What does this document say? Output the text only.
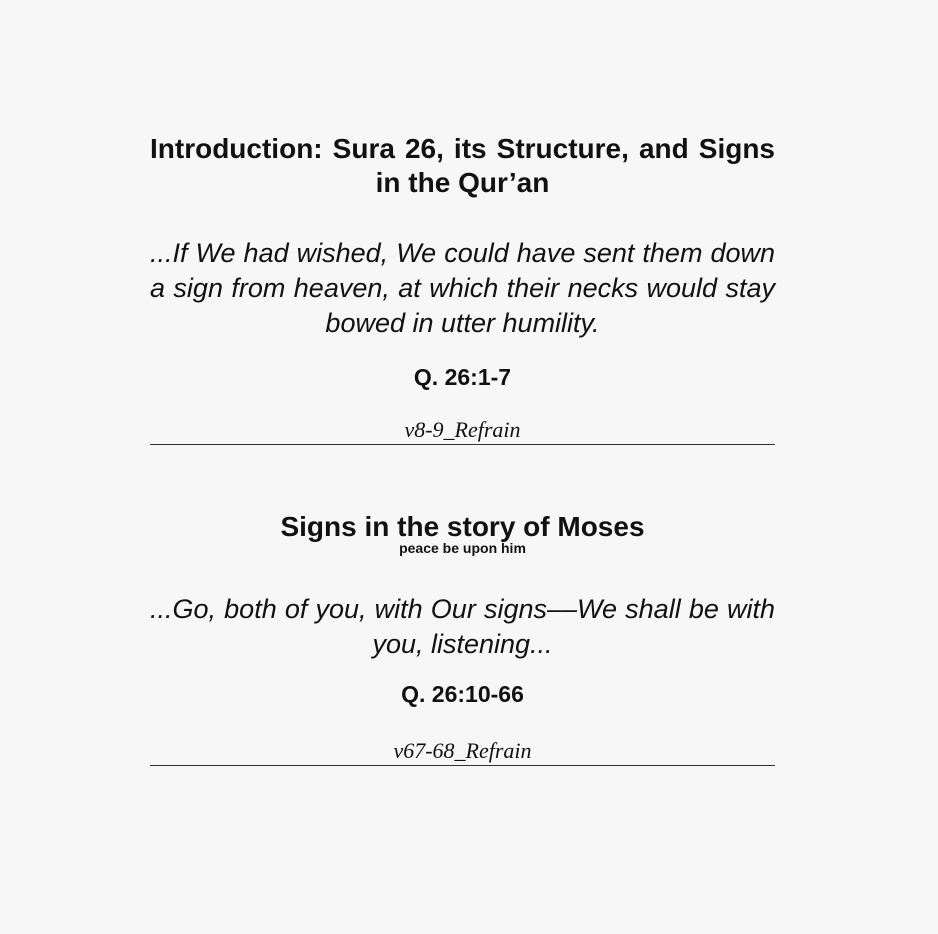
Introduction: Sura 26, its Structure, and Signs in the Qur’an

...If We had wished, We could have sent them down a sign from heaven, at which their necks would stay bowed in utter humility.

Q. 26:1-7

v8-9_Refrain
Signs in the story of Moses
peace be upon him

...Go, both of you, with Our signs––We shall be with you, listening...

Q. 26:10-66

v67-68_Refrain
